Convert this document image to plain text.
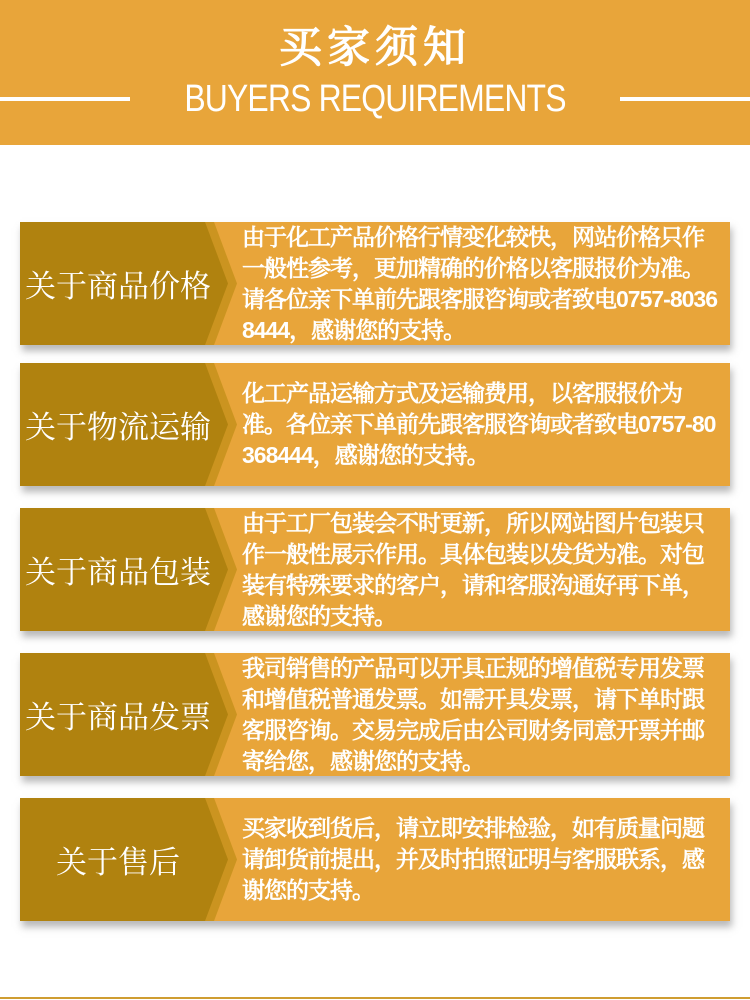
买家须知
BUYERS REQUIREMENTS
关于商品价格
由于化工产品价格行情变化较快，网站价格只作一般性参考，更加精确的价格以客服报价为准。 请各位亲下单前先跟客服咨询或者致电0757-80368444，感谢您的支持。
关于物流运输
化工产品运输方式及运输费用，以客服报价为准。各位亲下单前先跟客服咨询或者致电0757-80368444，感谢您的支持。
关于商品包装
由于工厂包装会不时更新，所以网站图片包装只作一般性展示作用。具体包装以发货为准。对包装有特殊要求的客户，请和客服沟通好再下单，感谢您的支持。
关于商品发票
我司销售的产品可以开具正规的增值税专用发票和增值税普通发票。如需开具发票，请下单时跟客服咨询。交易完成后由公司财务同意开票并邮寄给您，感谢您的支持。
关于售后
买家收到货后，请立即安排检验，如有质量问题请卸货前提出，并及时拍照证明与客服联系，感谢您的支持。
